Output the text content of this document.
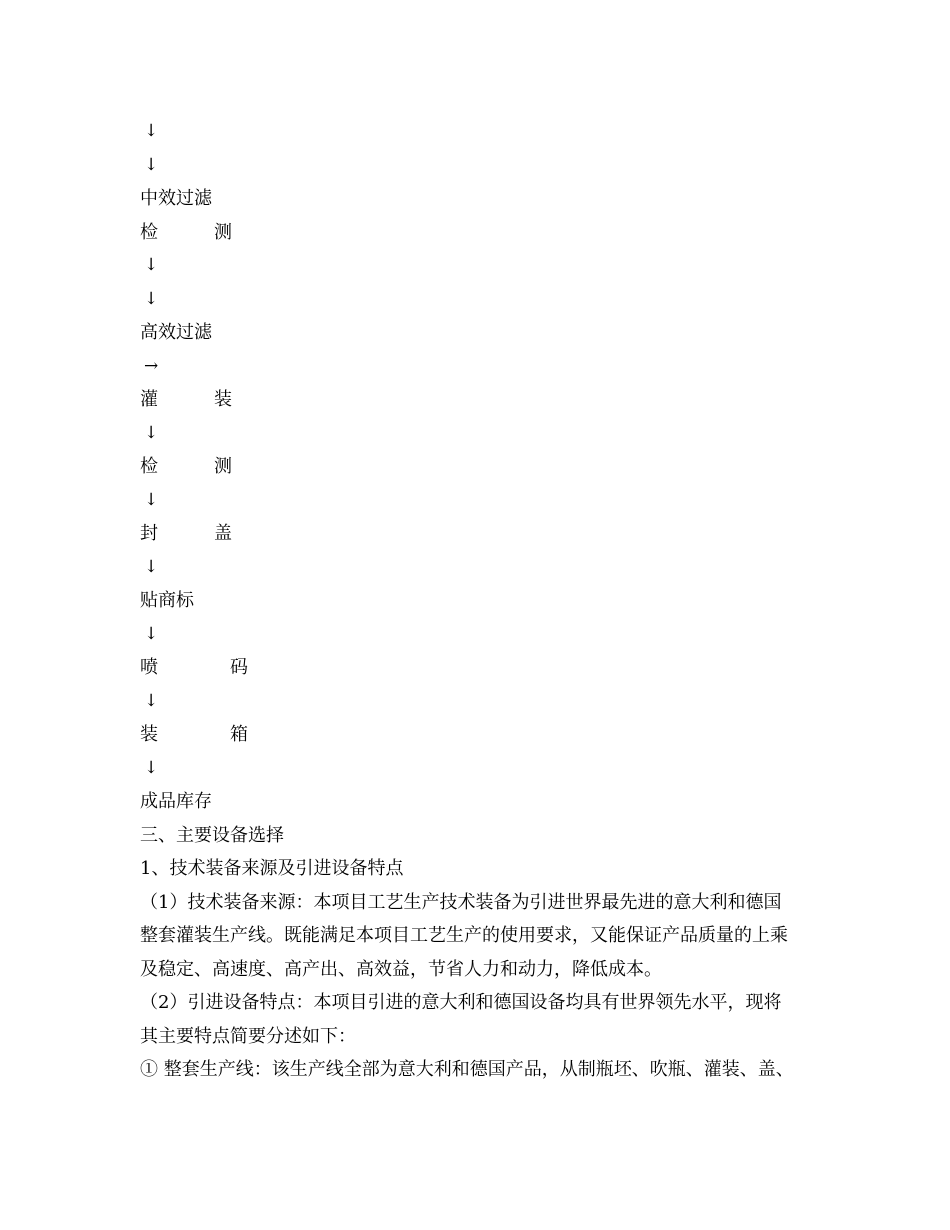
↓
↓
中效过滤
检	测
↓
↓
高效过滤
→
灌	装
↓
检	测
↓
封	盖
↓
贴商标
↓
喷	码
↓
装	箱
↓
成品库存
三、主要设备选择
1、技术装备来源及引进设备特点
（1）技术装备来源：本项目工艺生产技术装备为引进世界最先进的意大利和德国
整套灌装生产线。既能满足本项目工艺生产的使用要求，又能保证产品质量的上乘
及稳定、高速度、高产出、高效益，节省人力和动力，降低成本。
（2）引进设备特点：本项目引进的意大利和德国设备均具有世界领先水平，现将
其主要特点简要分述如下：
① 整套生产线：该生产线全部为意大利和德国产品，从制瓶坯、吹瓶、灌装、盖、
